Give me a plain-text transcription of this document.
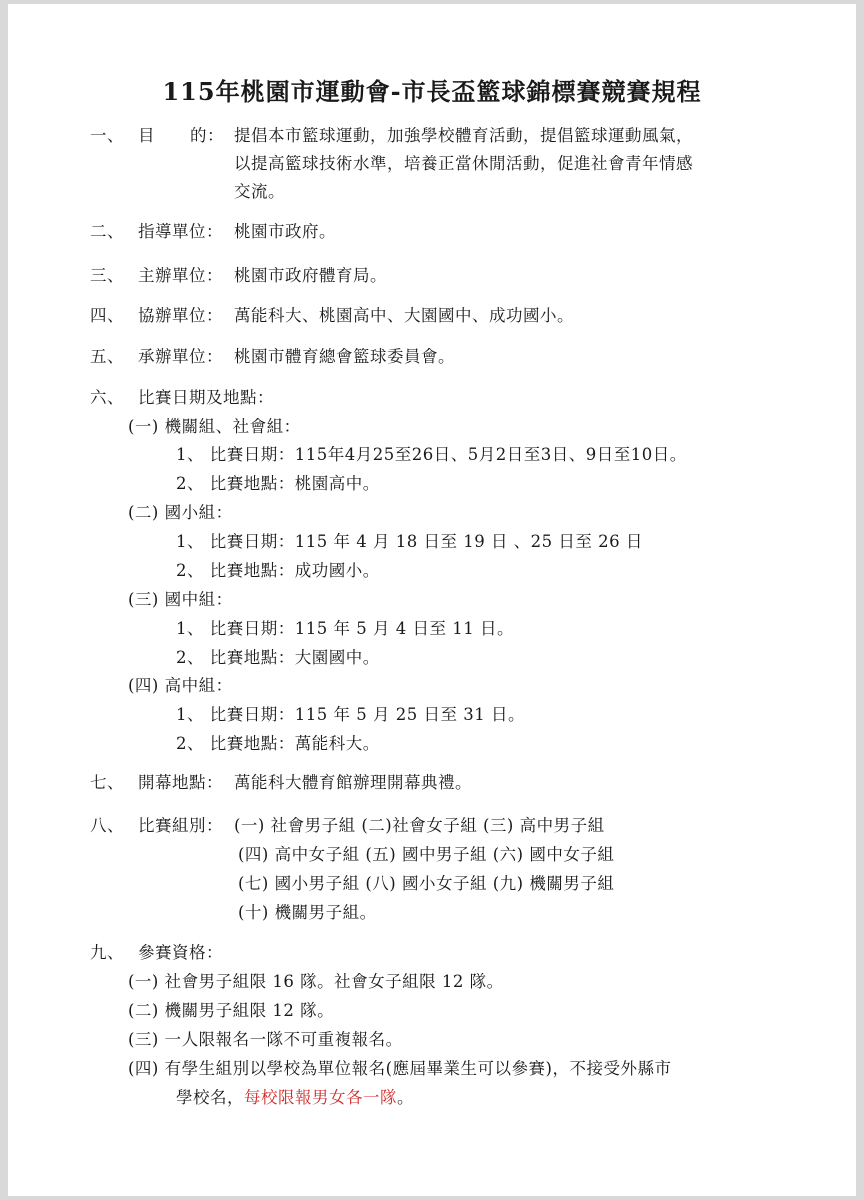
115年桃園市運動會-市長盃籃球錦標賽競賽規程
一、 目 的： 提倡本市籃球運動，加強學校體育活動，提倡籃球運動風氣，
以提高籃球技術水準，培養正當休閒活動，促進社會青年情感
交流。
二、 指導單位： 桃園市政府。
三、 主辦單位： 桃園市政府體育局。
四、 協辦單位： 萬能科大、桃園高中、大園國中、成功國小。
五、 承辦單位： 桃園市體育總會籃球委員會。
六、 比賽日期及地點：
(一) 機關組、社會組：
1、 比賽日期：115年4月25至26日、5月2日至3日、9日至10日。
2、 比賽地點：桃園高中。
(二) 國小組：
1、 比賽日期：115 年 4 月 18 日至 19 日 、25 日至 26 日
2、 比賽地點：成功國小。
(三) 國中組：
1、 比賽日期：115 年 5 月 4 日至 11 日。
2、 比賽地點：大園國中。
(四) 高中組：
1、 比賽日期：115 年 5 月 25 日至 31 日。
2、 比賽地點：萬能科大。
七、 開幕地點： 萬能科大體育館辦理開幕典禮。
八、 比賽組別： (一) 社會男子組 (二)社會女子組 (三) 高中男子組
(四) 高中女子組 (五) 國中男子組 (六) 國中女子組
(七) 國小男子組 (八) 國小女子組 (九) 機關男子組
(十) 機關男子組。
九、 參賽資格：
(一) 社會男子組限 16 隊。社會女子組限 12 隊。
(二) 機關男子組限 12 隊。
(三) 一人限報名一隊不可重複報名。
(四) 有學生組別以學校為單位報名(應屆畢業生可以參賽)，不接受外縣市
學校名，每校限報男女各一隊。
